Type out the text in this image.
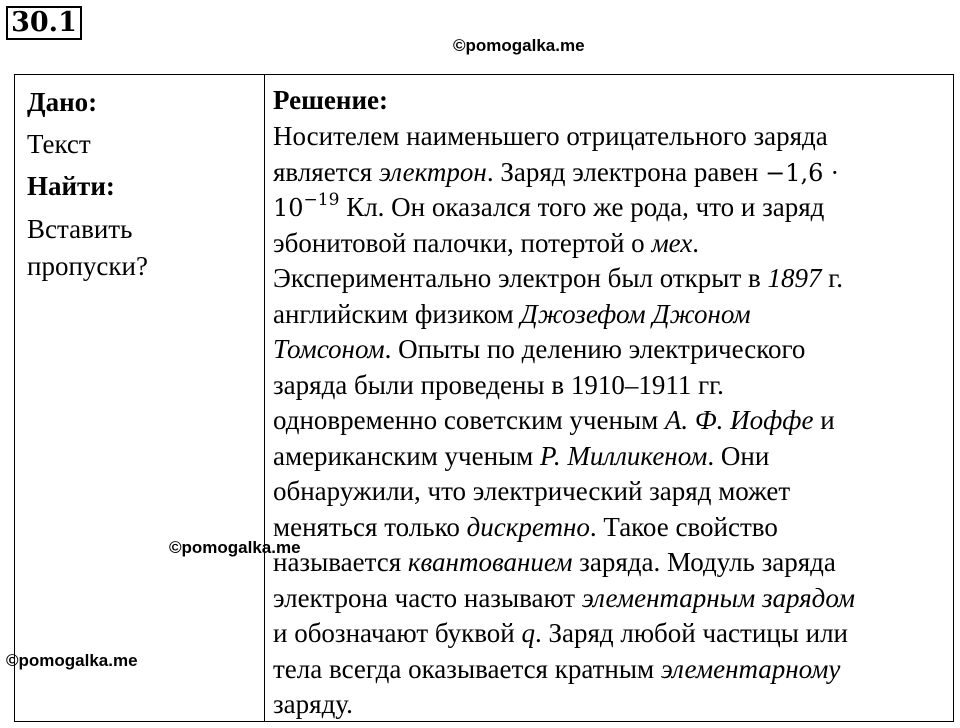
30.1
©pomogalka.me
Дано:
Текст
Найти:
Вставить
пропуски?
Решение:
Носителем наименьшего отрицательного заряда
является электрон. Заряд электрона равен −1,6 ·
$10^{-19}$ Кл. Он оказался того же рода, что и заряд
эбонитовой палочки, потертой о мех.
Экспериментально электрон был открыт в 1897 г.
английским физиком Джозефом Джоном
Томсоном. Опыты по делению электрического
заряда были проведены в 1910–1911 гг.
одновременно советским ученым А. Ф. Иоффе и
американским ученым Р. Милликеном. Они
обнаружили, что электрический заряд может
меняться только дискретно. Такое свойство
называется квантованием заряда. Модуль заряда
электрона часто называют элементарным зарядом
и обозначают буквой q. Заряд любой частицы или
тела всегда оказывается кратным элементарному
заряду.
©pomogalka.me
©pomogalka.me
